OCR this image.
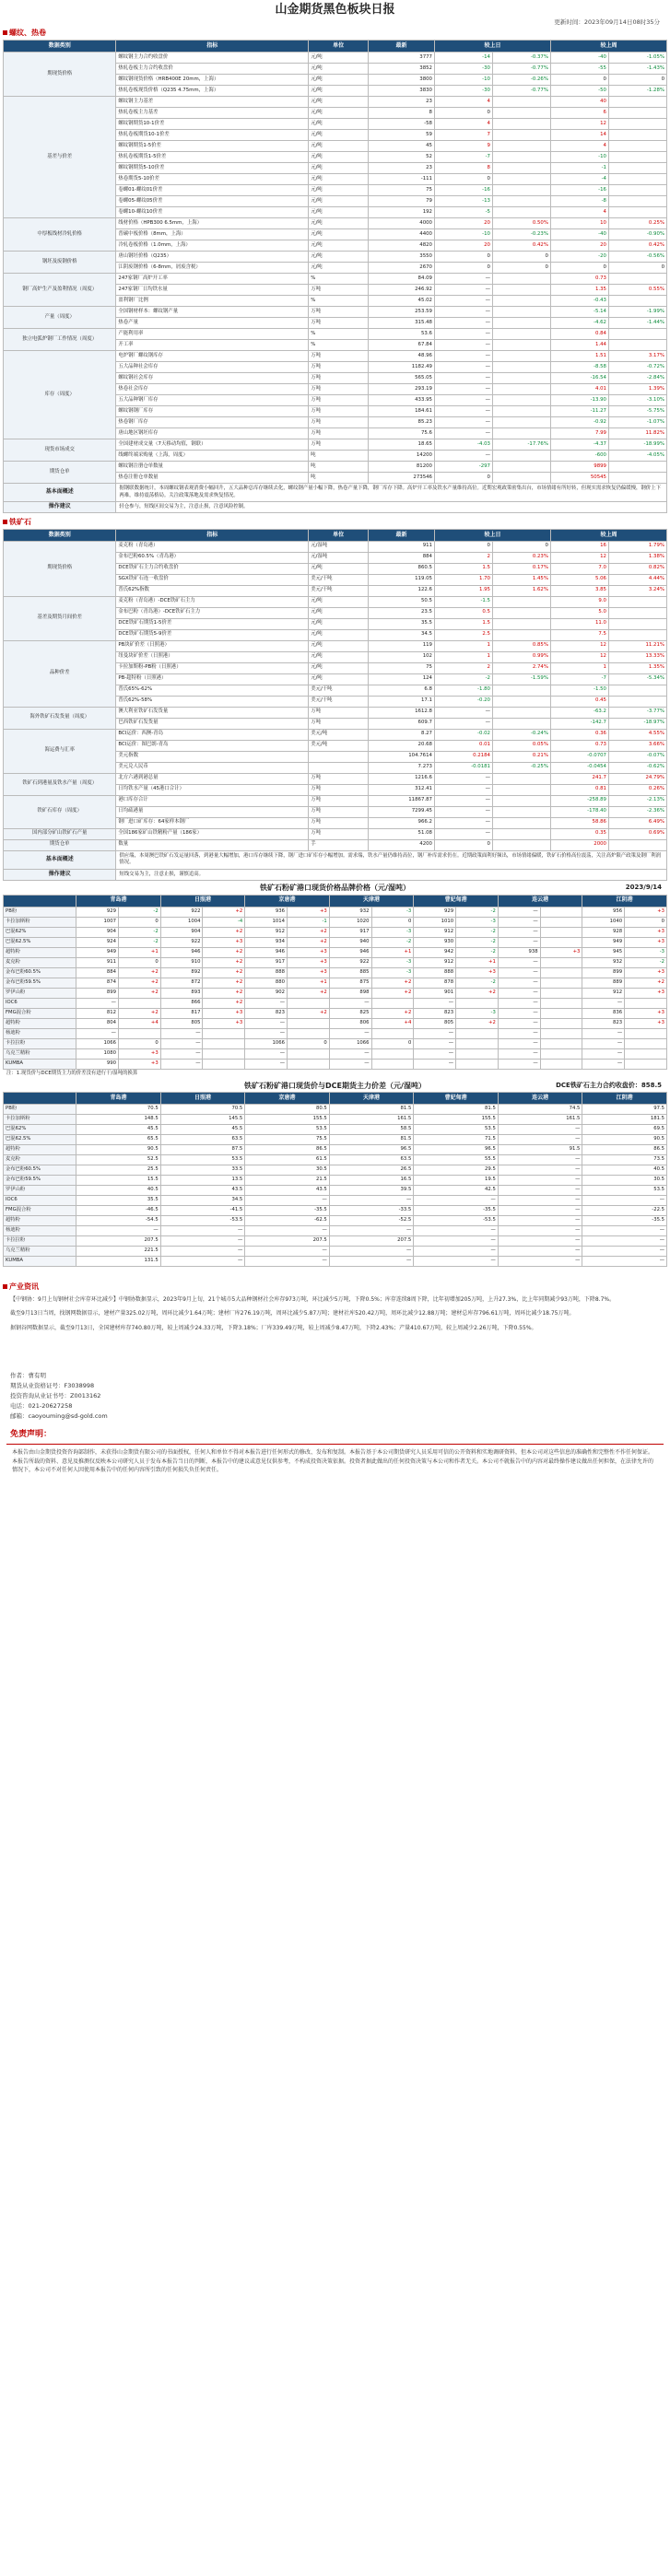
山金期货黑色板块日报
更新时间：2023年09月14日08时35分
螺纹、热卷
数据类别	指标	单位	最新	较上日		较上周	
期现货价格	螺纹钢主力合约收盘价	元/吨	3777	-14	-0.37%	-40	-1.05%
	热轧卷板主力合约收盘价	元/吨	3852	-30	-0.77%	-55	-1.43%
	螺纹钢现货价格（HRB400E 20mm，上海）	元/吨	3800	-10	-0.26%	0	0
	热轧卷板现货价格（Q235 4.75mm，上海）	元/吨	3830	-30	-0.77%	-50	-1.28%
基差与价差	螺纹钢主力基差	元/吨	23	4		40	
	热轧卷板主力基差	元/吨	8	0		6	
	螺纹钢期货10-1价差	元/吨	-58	4		12	
	热轧卷板期货10-1价差	元/吨	59	7		14	
	螺纹钢期货1-5价差	元/吨	45	9		4	
	热轧卷板期货1-5价差	元/吨	52	-7		-10	
	螺纹钢期货5-10价差	元/吨	23	8		-1	
	热卷期货5-10价差	元/吨	-111	0		-4	
	卷螺01-螺纹01价差	元/吨	75	-16		-16	
	卷螺05-螺纹05价差	元/吨	79	-13		-8	
	卷螺10-螺纹10价差	元/吨	192	-5		4	
中厚板线材冷轧价格	线材价格（HPB300 6.5mm，上海）	元/吨	4000	20	0.50%	10	0.25%
	普碳中板价格（8mm，上海）	元/吨	4400	-10	-0.23%	-40	-0.90%
	冷轧卷板价格（1.0mm，上海）	元/吨	4820	20	0.42%	20	0.42%
钢坯及废钢价格	唐山钢坯价格（Q235）	元/吨	3550	0	0	-20	-0.56%
	江阴废钢价格（6-8mm，屑废含税）	元/吨	2670	0	0	0	0
钢厂高炉生产及盈利情况（周度）	247家钢厂高炉开工率	%	84.09	—		0.73	
	247家钢厂日均铁水量	万吨	246.92	—		1.35	0.55%
	盈利钢厂比例	%	45.02	—		-0.43	
产量（周度）	全国钢材样本：螺纹钢产量	万吨	253.59	—		-5.14	-1.99%
	热卷产量	万吨	315.48	—		-4.62	-1.44%
独立电弧炉钢厂工作情况（周度）	产能利用率	%	53.6	—		0.84	
	开工率	%	67.84	—		1.44	
库存（周度）	电炉钢厂螺纹钢库存	万吨	48.96	—		1.51	3.17%
	五大品种社会库存	万吨	1182.49	—		-8.58	-0.72%
	螺纹钢社会库存	万吨	565.05	—		-16.54	-2.84%
	热卷社会库存	万吨	293.19	—		4.01	1.39%
	五大品种钢厂库存	万吨	433.95	—		-13.90	-3.10%
	螺纹钢钢厂库存	万吨	184.61	—		-11.27	-5.75%
	热卷钢厂库存	万吨	85.23	—		-0.92	-1.07%
	唐山地区钢坯库存	万吨	75.6	—		7.99	11.82%
现货市场成交	全国建材成交量（7天移动均值，钢联）	万吨	18.65	-4.03	-17.76%	-4.37	-18.99%
	线螺终端采购量（上海，周度）	吨	14200	—		-600	-4.05%
期货仓单	螺纹钢注册仓单数量	吨	81200	-297		9899	
	热卷注册仓单数量	吨	273546	0		50545	
基本面概述	据钢联数据统计，本周螺纹钢表观消费小幅回升，五大品种总库存继续去化，螺纹钢产量小幅下降，热卷产量下降，钢厂库存下降。高炉开工率及铁水产量维持高位。近期宏观政策密集出台，市场情绪有所好转，但现实需求恢复仍偏缓慢，钢价上下两难，维持震荡格局。关注政策落地及需求恢复情况。						
操作建议	轻仓参与，短线区间交易为主，注意止损，注意风险控制。						
铁矿石
数据类别	指标	单位	最新	较上日		较上周	
期现货价格	麦克粉（青岛港）	元/湿吨	911	0	0	16	1.79%
	金布巴粉60.5%（青岛港）	元/湿吨	884	2	0.23%	12	1.38%
	DCE铁矿石主力合约收盘价	元/吨	860.5	1.5	0.17%	7.0	0.82%
	SGX铁矿石连一收盘价	美元/干吨	119.05	1.70	1.45%	5.06	4.44%
	普氏62%指数	美元/干吨	122.6	1.95	1.62%	3.85	3.24%
基差及期货月间价差	麦克粉（青岛港）-DCE铁矿石主力	元/吨	50.5	-1.5		9.0	
	金布巴粉（青岛港）-DCE铁矿石主力	元/吨	23.5	0.5		5.0	
	DCE铁矿石期货1-5价差	元/吨	35.5	1.5		11.0	
	DCE铁矿石期货5-9价差	元/吨	34.5	2.5		7.5	
品种价差	PB块矿价差（日照港）	元/吨	119	1	0.85%	12	11.21%
	纽曼块矿价差（日照港）	元/吨	102	1	0.99%	12	13.33%
	卡拉加斯粉-PB粉（日照港）	元/吨	75	2	2.74%	1	1.35%
	PB-超特粉（日照港）	元/吨	124	-2	-1.59%	-7	-5.34%
	普氏65%-62%	美元/干吨	6.8	-1.80		-1.50	
	普氏62%-58%	美元/干吨	17.1	-0.20		0.45	
海外铁矿石发货量（周度）	澳大利亚铁矿石发货量	万吨	1612.8	—		-63.2	-3.77%
	巴西铁矿石发货量	万吨	609.7	—		-142.7	-18.97%
海运费与汇率	BCI运价：西澳-青岛	美元/吨	8.27	-0.02	-0.24%	0.36	4.55%
	BCI运价：图巴朗-青岛	美元/吨	20.68	0.01	0.05%	0.73	3.66%
	美元指数		104.7614	0.2184	0.21%	-0.0707	-0.07%
	美元兑人民币		7.273	-0.0181	-0.25%	-0.0454	-0.62%
铁矿石到港量及铁水产量（周度）	北方六港到港总量	万吨	1216.6	—		241.7	24.79%
	日均铁水产量（45港口合计）	万吨	312.41	—		0.81	0.26%
铁矿石库存（周度）	港口库存合计	万吨	11867.87	—		-258.89	-2.13%
	日均疏港量	万吨	7299.45	—		-178.40	-2.36%
	钢厂进口矿库存：64家样本钢厂	万吨	966.2	—		58.86	6.49%
国内部分矿山铁矿石产量	全国186家矿山铁精粉产量（186家）	万吨	51.08	—		0.35	0.69%
期货仓单	数量	手	4200	0		2000	
基本面概述	供应端，本周澳巴铁矿石发运量回落，到港量大幅增加，港口库存继续下降，钢厂进口矿库存小幅增加。需求端，铁水产量仍维持高位，钢厂补库需求仍在。近期政策面利好频出，市场情绪偏暖，铁矿石价格高位震荡，关注高炉限产政策及钢厂利润情况。						
操作建议	短线交易为主，注意止损，谨慎追高。						
铁矿石粉矿港口现货价格品牌价格（元/湿吨）	2023/9/14
	青岛港		日照港		京唐港		天津港		曹妃甸港		连云港		江阴港	
PB粉	929	-2	922	+2	936	+3	932	-3	929	-2	—		956	+3
卡拉加斯粉	1007	0	1004	-4	1014	-1	1020	0	1010	-3	—		1040	0
巴混62%	904	-2	904	+2	912	+2	917	-3	912	-2	—		928	+3
巴混62.5%	924	-2	922	+3	934	+2	940	-2	930	-2	—		949	+3
超特粉	949	+1	946	+2	946	+3	946	+1	942	-2	938	+3	945	-3
麦克粉	911	0	910	+2	917	+3	922	-3	912	+1	—		932	-2
金布巴粉60.5%	884	+2	892	+2	888	+3	885	-3	888	+3	—		899	+3
金布巴粉59.5%	874	+2	872	+2	880	+1	875	+2	878	-2	—		889	+2
罗伊山粉	899	+2	893	+2	902	+2	898	+2	901	+2	—		912	+3
IOC6	—		866	+2	—		—		—		—		—	
FMG混合粉	812	+2	817	+3	823	+2	825	+2	823	-3	—		836	+3
超特粉	804	+4	805	+3	—		806	+4	805	+2	—		823	+3
杨迪粉	—		—		—		—		—		—		—	
卡拉拉粉	1066	0	—		1066	0	1066	0	—		—		—	
乌克兰精粉	1080	+3	—		—		—		—		—		—	
KUMBA	990	+3	—		—		—		—		—		—	
注：1.现货价与DCE期货主力的价差没有进行干/湿吨的换算
铁矿石粉矿港口现货价与DCE期货主力价差（元/湿吨）	DCE铁矿石主力合约收盘价：858.5
	青岛港	日照港	京唐港	天津港	曹妃甸港	连云港	江阴港
PB粉	70.5	70.5	80.5	81.5	81.5	74.5	97.5
卡拉加斯粉	148.5	145.5	155.5	161.5	155.5	161.5	181.5
巴混62%	45.5	45.5	53.5	58.5	53.5	—	69.5
巴混62.5%	65.5	63.5	75.5	81.5	71.5	—	90.5
超特粉	90.5	87.5	86.5	96.5	96.5	91.5	86.5
麦克粉	52.5	53.5	61.5	63.5	55.5	—	73.5
金布巴粉60.5%	25.5	33.5	30.5	26.5	29.5	—	40.5
金布巴粉59.5%	15.5	13.5	21.5	16.5	19.5	—	30.5
罗伊山粉	40.5	43.5	43.5	39.5	42.5	—	53.5
IOC6	35.5	34.5	—	—	—	—	—
FMG混合粉	-46.5	-41.5	-35.5	-33.5	-35.5	—	-22.5
超特粉	-54.5	-53.5	-62.5	-52.5	-53.5	—	-35.5
杨迪粉	—	—	—	—	—	—	—
卡拉拉粉	207.5	—	207.5	207.5	—	—	—
乌克兰精粉	221.5	—	—	—	—	—	—
KUMBA	131.5	—	—	—	—	—	—
产业资讯

【中钢协：9月上旬钢材社会库存环比减少】中钢协数据显示，2023年9月上旬，21个城市5大品种钢材社会库存973万吨，环比减少5万吨，下降0.5%；库存连续8周下降，比年初增加205万吨，上升27.3%，比上年同期减少93万吨，下降8.7%。

截至9月13日当周，找钢网数据显示，建材产量325.02万吨，周环比减少1.64万吨；建材厂库276.19万吨，周环比减少5.87万吨；建材社库520.42万吨，周环比减少12.88万吨；建材总库存796.61万吨，周环比减少18.75万吨。

据钢谷网数据显示，截至9月13日，全国建材库存740.80万吨，较上周减少24.33万吨，下降3.18%；厂库339.49万吨，较上周减少8.47万吨，下降2.43%；产量410.67万吨，较上周减少2.26万吨，下降0.55%。

作者：曹有明
期货从业资格证号：F3038998
投资咨询从业证书号：Z0013162
电话：021-20627258
邮箱：caoyouming@sd-gold.com
免责声明：
本报告由山金期货投资咨询部制作，未获得山金期货有限公司的书面授权，任何人和单位不得对本报告进行任何形式的修改、发布和复制。本报告基于本公司期货研究人员采用可信的公开资料和实地调研资料，但本公司对这些信息的准确性和完整性不作任何保证。本报告所载的资料、意见及推测仅反映本公司研究人员于发布本报告当日的判断，本报告中的建议或意见仅供参考，不构成投资决策依据。投资者据此做出的任何投资决策与本公司和作者无关。本公司不就报告中的内容对最终操作建议做出任何担保，在法律允许的情况下，本公司不对任何人因使用本报告中的任何内容所引致的任何损失负任何责任。
